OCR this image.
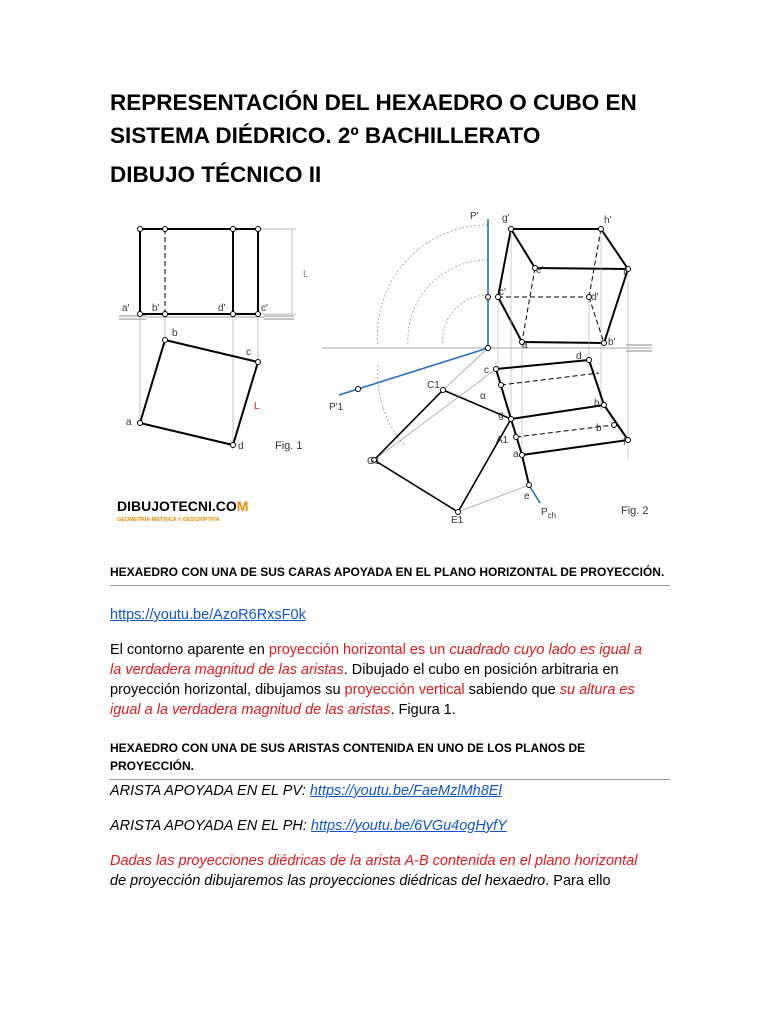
REPRESENTACIÓN DEL HEXAEDRO O CUBO EN SISTEMA DIÉDRICO. 2º BACHILLERATO
DIBUJO TÉCNICO II
a' b'	d'	c'
L
b
c
a
d
L
Fig. 1
DIBUJOTECNI.COM
GEOMETRÍA MÉTRICA Y DESCRIPTIVA
P' g'	h'
e'	f'
c'	d'
a'	b'
d
c
C1
α
g
h
A1
b
a
f
G1
E1
e
P'1
$P_{ch}$	Fig. 2
HEXAEDRO CON UNA DE SUS CARAS APOYADA EN EL PLANO HORIZONTAL DE PROYECCIÓN.
https://youtu.be/AzoR6RxsF0k

El contorno aparente en proyección horizontal es un cuadrado cuyo lado es igual a la verdadera magnitud de las aristas. Dibujado el cubo en posición arbitraria en proyección horizontal, dibujamos su proyección vertical sabiendo que su altura es igual a la verdadera magnitud de las aristas. Figura 1.

HEXAEDRO CON UNA DE SUS ARISTAS CONTENIDA EN UNO DE LOS PLANOS DE PROYECCIÓN.
ARISTA APOYADA EN EL PV: https://youtu.be/FaeMzlMh8El
ARISTA APOYADA EN EL PH: https://youtu.be/6VGu4ogHyfY

Dadas las proyecciones diédricas de la arista A-B contenida en el plano horizontal
de proyección dibujaremos las proyecciones diédricas del hexaedro. Para ello
